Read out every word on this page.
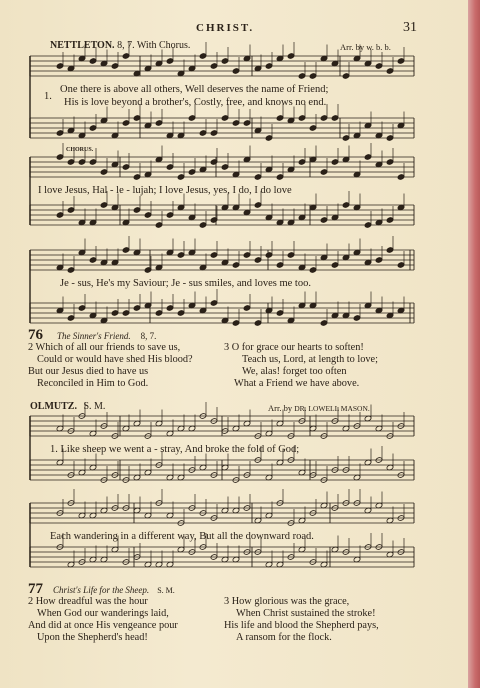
CHRIST.	31
NETTLETON. 8, 7. With Chorus.	Arr. by w. b. b.
1.
One there is above all others, Well deserves the name of Friend;
His is love beyond a brother's, Costly, free, and knows no end.
CHORUS.
I love Jesus, Hal - le - lujah; I love Jesus, yes, I do, I do love
Je - sus, He's my Saviour; Je - sus smiles, and loves me too.
76 The Sinner's Friend. 8, 7.
2 Which of all our friends to save us,
Could or would have shed His blood?
But our Jesus died to have us
Reconciled in Him to God.
3 O for grace our hearts to soften!
Teach us, Lord, at length to love;
We, alas! forget too often
What a Friend we have above.
OLMUTZ. S. M.	Arr. by DR. LOWELL MASON.
1. Like sheep we went a - stray, And broke the fold of God;
Each wandering in a different way, But all the downward road.
77 Christ's Life for the Sheep. S. M.
2 How dreadful was the hour
When God our wanderings laid,
And did at once His vengeance pour
Upon the Shepherd's head!
3 How glorious was the grace,
When Christ sustained the stroke!
His life and blood the Shepherd pays,
A ransom for the flock.
